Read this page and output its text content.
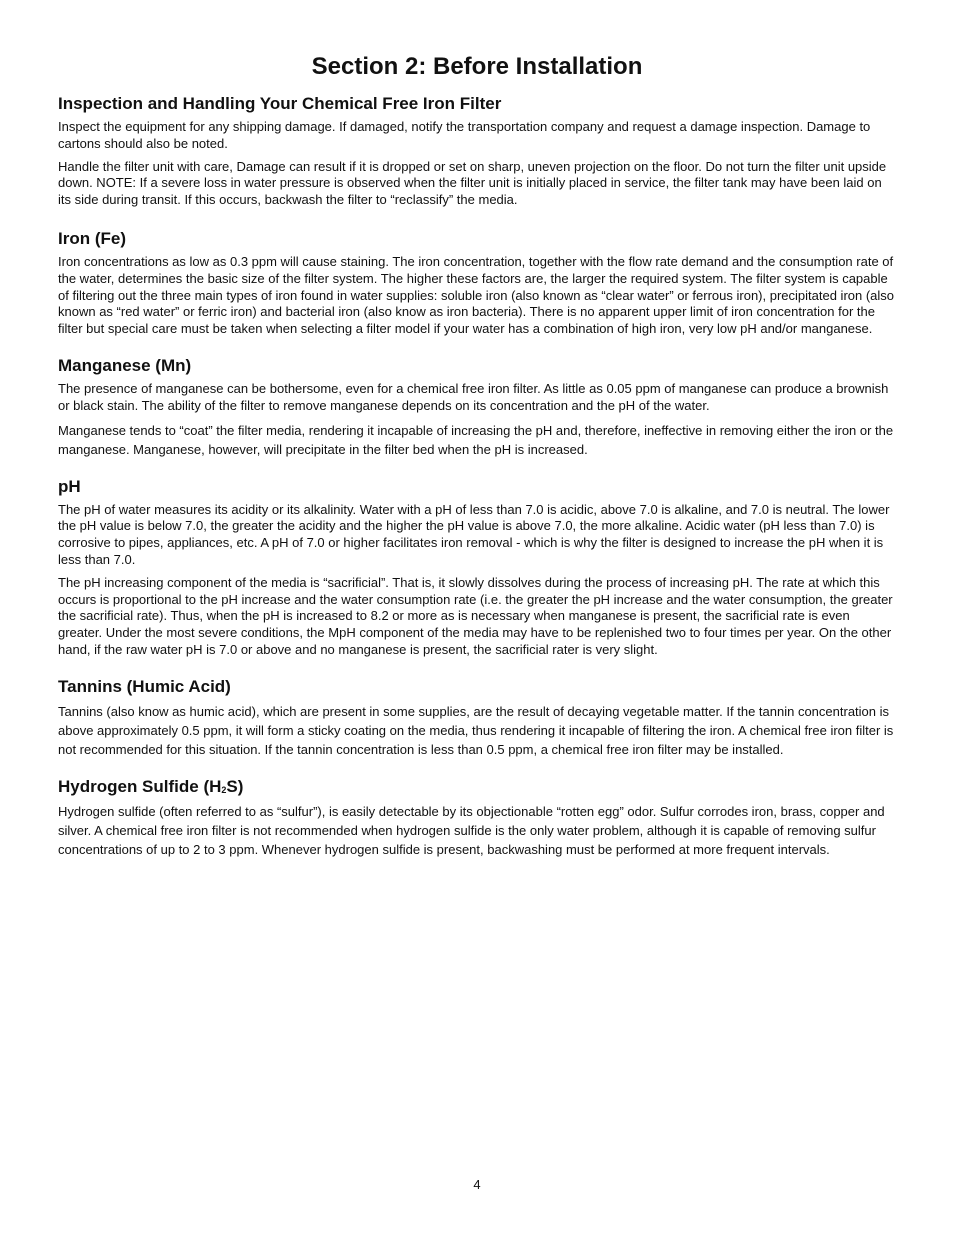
Section 2: Before Installation
Inspection and Handling Your Chemical Free Iron Filter

Inspect the equipment for any shipping damage. If damaged, notify the transportation company and request a damage inspection. Damage to cartons should also be noted.

Handle the filter unit with care, Damage can result if it is dropped or set on sharp, uneven projection on the floor. Do not turn the filter unit upside down. NOTE: If a severe loss in water pressure is observed when the filter unit is initially placed in service, the filter tank may have been laid on its side during transit. If this occurs, backwash the filter to “reclassify” the media.

Iron (Fe)

Iron concentrations as low as 0.3 ppm will cause staining. The iron concentration, together with the flow rate demand and the consumption rate of the water, determines the basic size of the filter system. The higher these factors are, the larger the required system. The filter system is capable of filtering out the three main types of iron found in water supplies: soluble iron (also known as “clear water” or ferrous iron), precipitated iron (also known as “red water” or ferric iron) and bacterial iron (also know as iron bacteria). There is no apparent upper limit of iron concentration for the filter but special care must be taken when selecting a filter model if your water has a combination of high iron, very low pH and/or manganese.

Manganese (Mn)

The presence of manganese can be bothersome, even for a chemical free iron filter. As little as 0.05 ppm of manganese can produce a brownish or black stain. The ability of the filter to remove manganese depends on its concentration and the pH of the water.

Manganese tends to “coat” the filter media, rendering it incapable of increasing the pH and, therefore, ineffective in removing either the iron or the manganese. Manganese, however, will precipitate in the filter bed when the pH is increased.

pH

The pH of water measures its acidity or its alkalinity. Water with a pH of less than 7.0 is acidic, above 7.0 is alkaline, and 7.0 is neutral. The lower the pH value is below 7.0, the greater the acidity and the higher the pH value is above 7.0, the more alkaline. Acidic water (pH less than 7.0) is corrosive to pipes, appliances, etc. A pH of 7.0 or higher facilitates iron removal - which is why the filter is designed to increase the pH when it is less than 7.0.

The pH increasing component of the media is “sacrificial”. That is, it slowly dissolves during the process of increasing pH. The rate at which this occurs is proportional to the pH increase and the water consumption rate (i.e. the greater the pH increase and the water consumption, the greater the sacrificial rate). Thus, when the pH is increased to 8.2 or more as is necessary when manganese is present, the sacrificial rate is even greater. Under the most severe conditions, the MpH component of the media may have to be replenished two to four times per year. On the other hand, if the raw water pH is 7.0 or above and no manganese is present, the sacrificial rater is very slight.

Tannins (Humic Acid)

Tannins (also know as humic acid), which are present in some supplies, are the result of decaying vegetable matter. If the tannin concentration is above approximately 0.5 ppm, it will form a sticky coating on the media, thus rendering it incapable of filtering the iron. A chemical free iron filter is not recommended for this situation. If the tannin concentration is less than 0.5 ppm, a chemical free iron filter may be installed.

Hydrogen Sulfide $(H_2S)$

Hydrogen sulfide (often referred to as “sulfur”), is easily detectable by its objectionable “rotten egg” odor. Sulfur corrodes iron, brass, copper and silver. A chemical free iron filter is not recommended when hydrogen sulfide is the only water problem, although it is capable of removing sulfur concentrations of up to 2 to 3 ppm. Whenever hydrogen sulfide is present, backwashing must be performed at more frequent intervals.

4
